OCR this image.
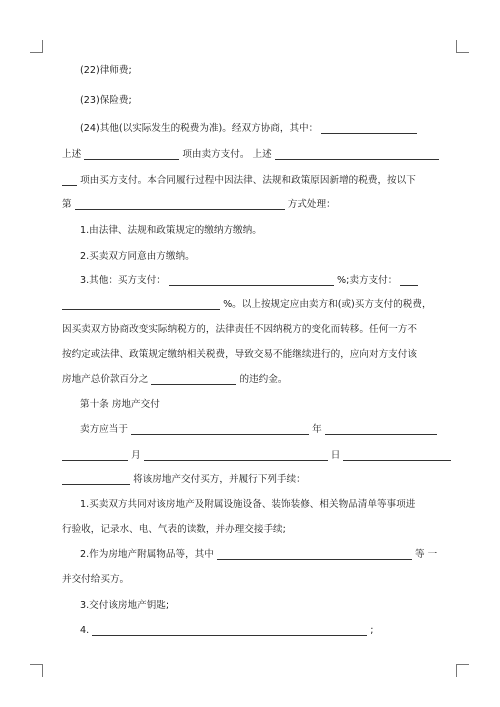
(22)律师费;
(23)保险费;
(24)其他(以实际发生的税费为准)。经双方协商，其中：
上述	项由卖方支付。 上述
项由买方支付。本合同履行过程中因法律、法规和政策原因新增的税费，按以下
第	方式处理：
1.由法律、法规和政策规定的缴纳方缴纳。
2.买卖双方同意由方缴纳。
3.其他：买方支付：	%;卖方支付：
%。以上按规定应由卖方和(或)买方支付的税费，
因买卖双方协商改变实际纳税方的，法律责任不因纳税方的变化而转移。任何一方不
按约定或法律、政策规定缴纳相关税费，导致交易不能继续进行的，应向对方支付该
房地产总价款百分之	的违约金。
第十条 房地产交付
卖方应当于	年
月	日
将该房地产交付买方，并履行下列手续：
1.买卖双方共同对该房地产及附属设施设备、装饰装修、相关物品清单等事项进
行验收，记录水、电、气表的读数，并办理交接手续;
2.作为房地产附属物品等，其中	等 一
并交付给买方。
3.交付该房地产钥匙;
4.	;
